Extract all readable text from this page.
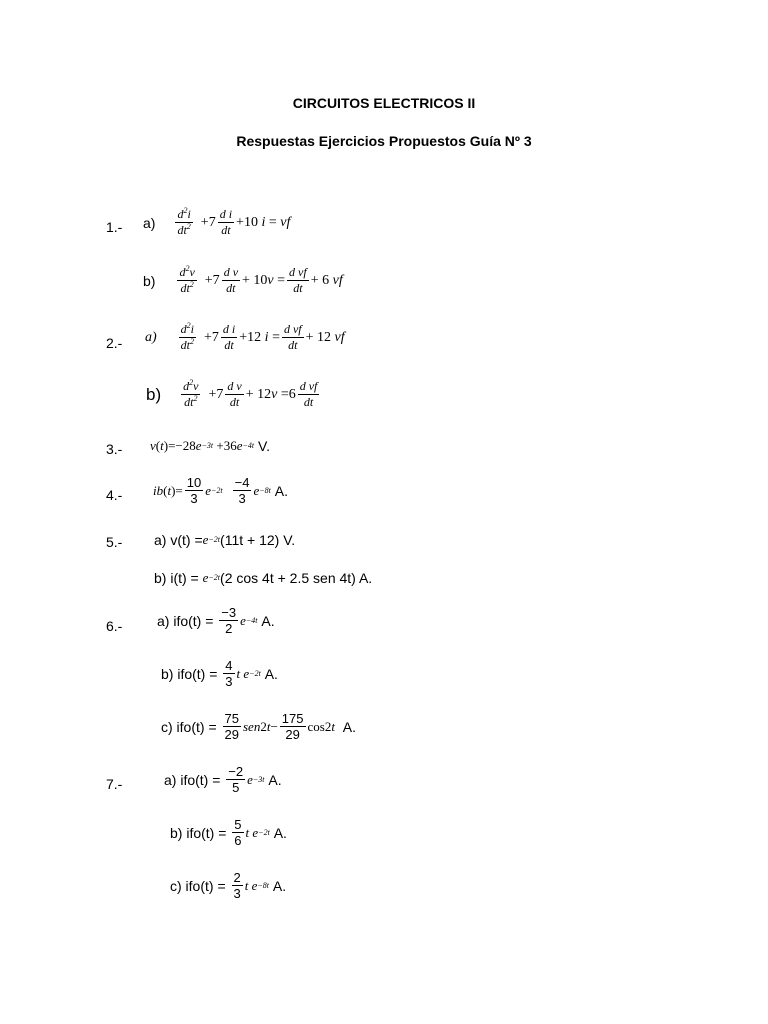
CIRCUITOS ELECTRICOS II
Respuestas Ejercicios Propuestos Guía Nº 3
1.- $a) \frac{d^2i}{dt^2} +7 \frac{\text{d i}}{dt} +10$ i = vf
$b) \frac{d^2v}{dt^2} +7 \frac{\text{d v}}{dt} + 10$ $v = \frac{\text{d vf}}{dt} + 6$ vf
2.- $a) \frac{d^2i}{dt^2} +7 \frac{\text{d i}}{dt} +12$ $i = \frac{\text{d vf}}{dt} + 12$ vf
$b) \frac{d^2v}{dt^2} +7 \frac{\text{d v}}{dt} + 12$ $v =6 \frac{\text{d vf}}{dt}$
3.- v ( t )=−28 e −3t +36 e −4t
V.
4.- ib ( t )= $\frac{10}{3}$ $e -2t \frac{-4}{3}$ e −8t
A.
5.- a) v(t) = e −2t (11t + 12) V.
b) i(t) =
e −2t (2 cos 4t + 2.5 sen 4t) A.
6.- a) ifo(t) =
$\frac{-3}{2}$ e −4t
A.
b) ifo(t) =
$\frac{4}{3}$ t e −2t
A.
c) ifo(t) =
$\frac{75}{29}$ sen 2 $t - \frac{175}{29} \cos 2$ t
A.
7.-	a) ifo(t) =
$\frac{-2}{5}$ e −3t
A.
b) ifo(t) =
$\frac{5}{6}$ t e −2t
A.
c) ifo(t) =
$\frac{2}{3}$ t e −8t
A.
